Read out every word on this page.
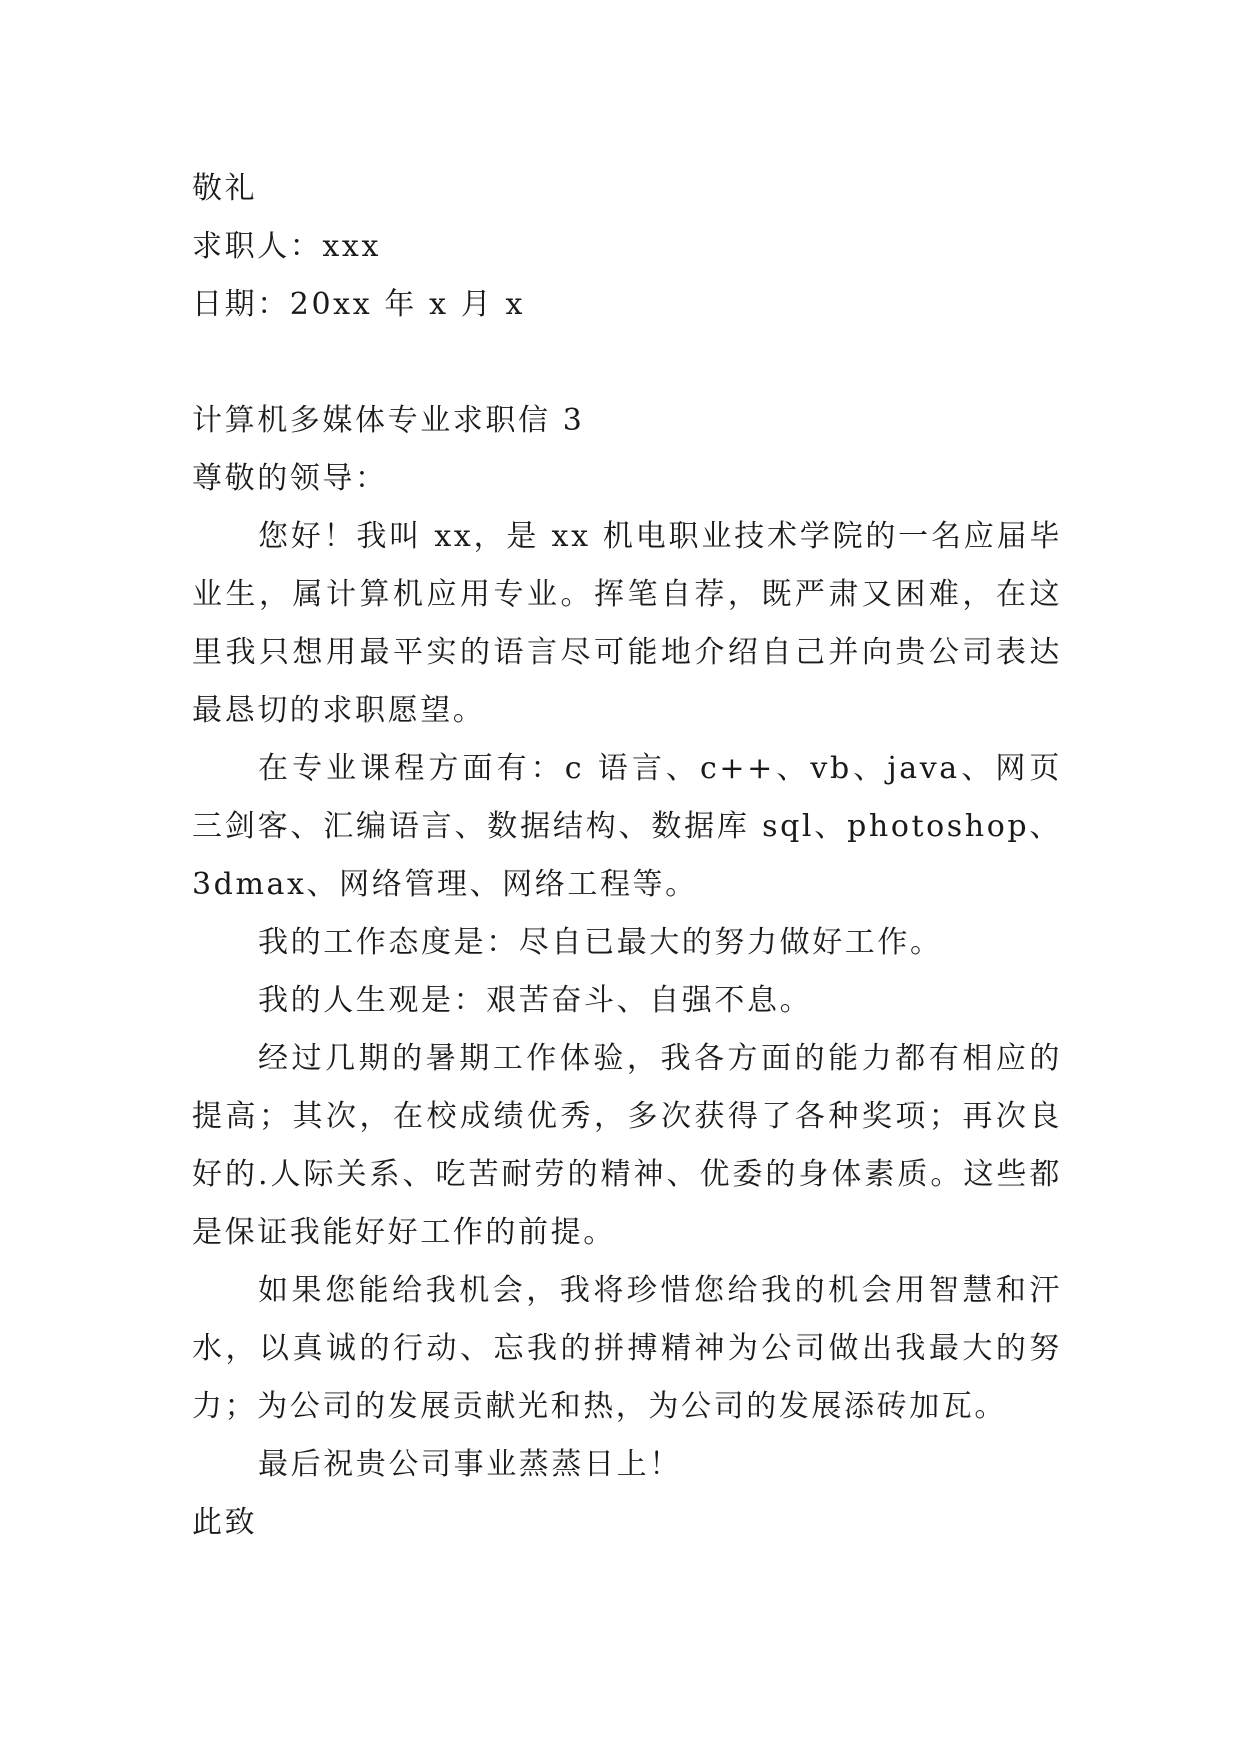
敬礼

求职人：xxx

日期：20xx 年 x 月 x

计算机多媒体专业求职信 3

尊敬的领导：

您好！我叫 xx，是 xx 机电职业技术学院的一名应届毕业生，属计算机应用专业。挥笔自荐，既严肃又困难，在这里我只想用最平实的语言尽可能地介绍自己并向贵公司表达最恳切的求职愿望。

在专业课程方面有：c 语言、c++、vb、java、网页三剑客、汇编语言、数据结构、数据库 sql、photoshop、3dmax、网络管理、网络工程等。

我的工作态度是：尽自已最大的努力做好工作。

我的人生观是：艰苦奋斗、自强不息。

经过几期的暑期工作体验，我各方面的能力都有相应的提高；其次，在校成绩优秀，多次获得了各种奖项；再次良好的.人际关系、吃苦耐劳的精神、优委的身体素质。这些都是保证我能好好工作的前提。

如果您能给我机会，我将珍惜您给我的机会用智慧和汗水，以真诚的行动、忘我的拼搏精神为公司做出我最大的努力；为公司的发展贡献光和热，为公司的发展添砖加瓦。

最后祝贵公司事业蒸蒸日上！

此致
